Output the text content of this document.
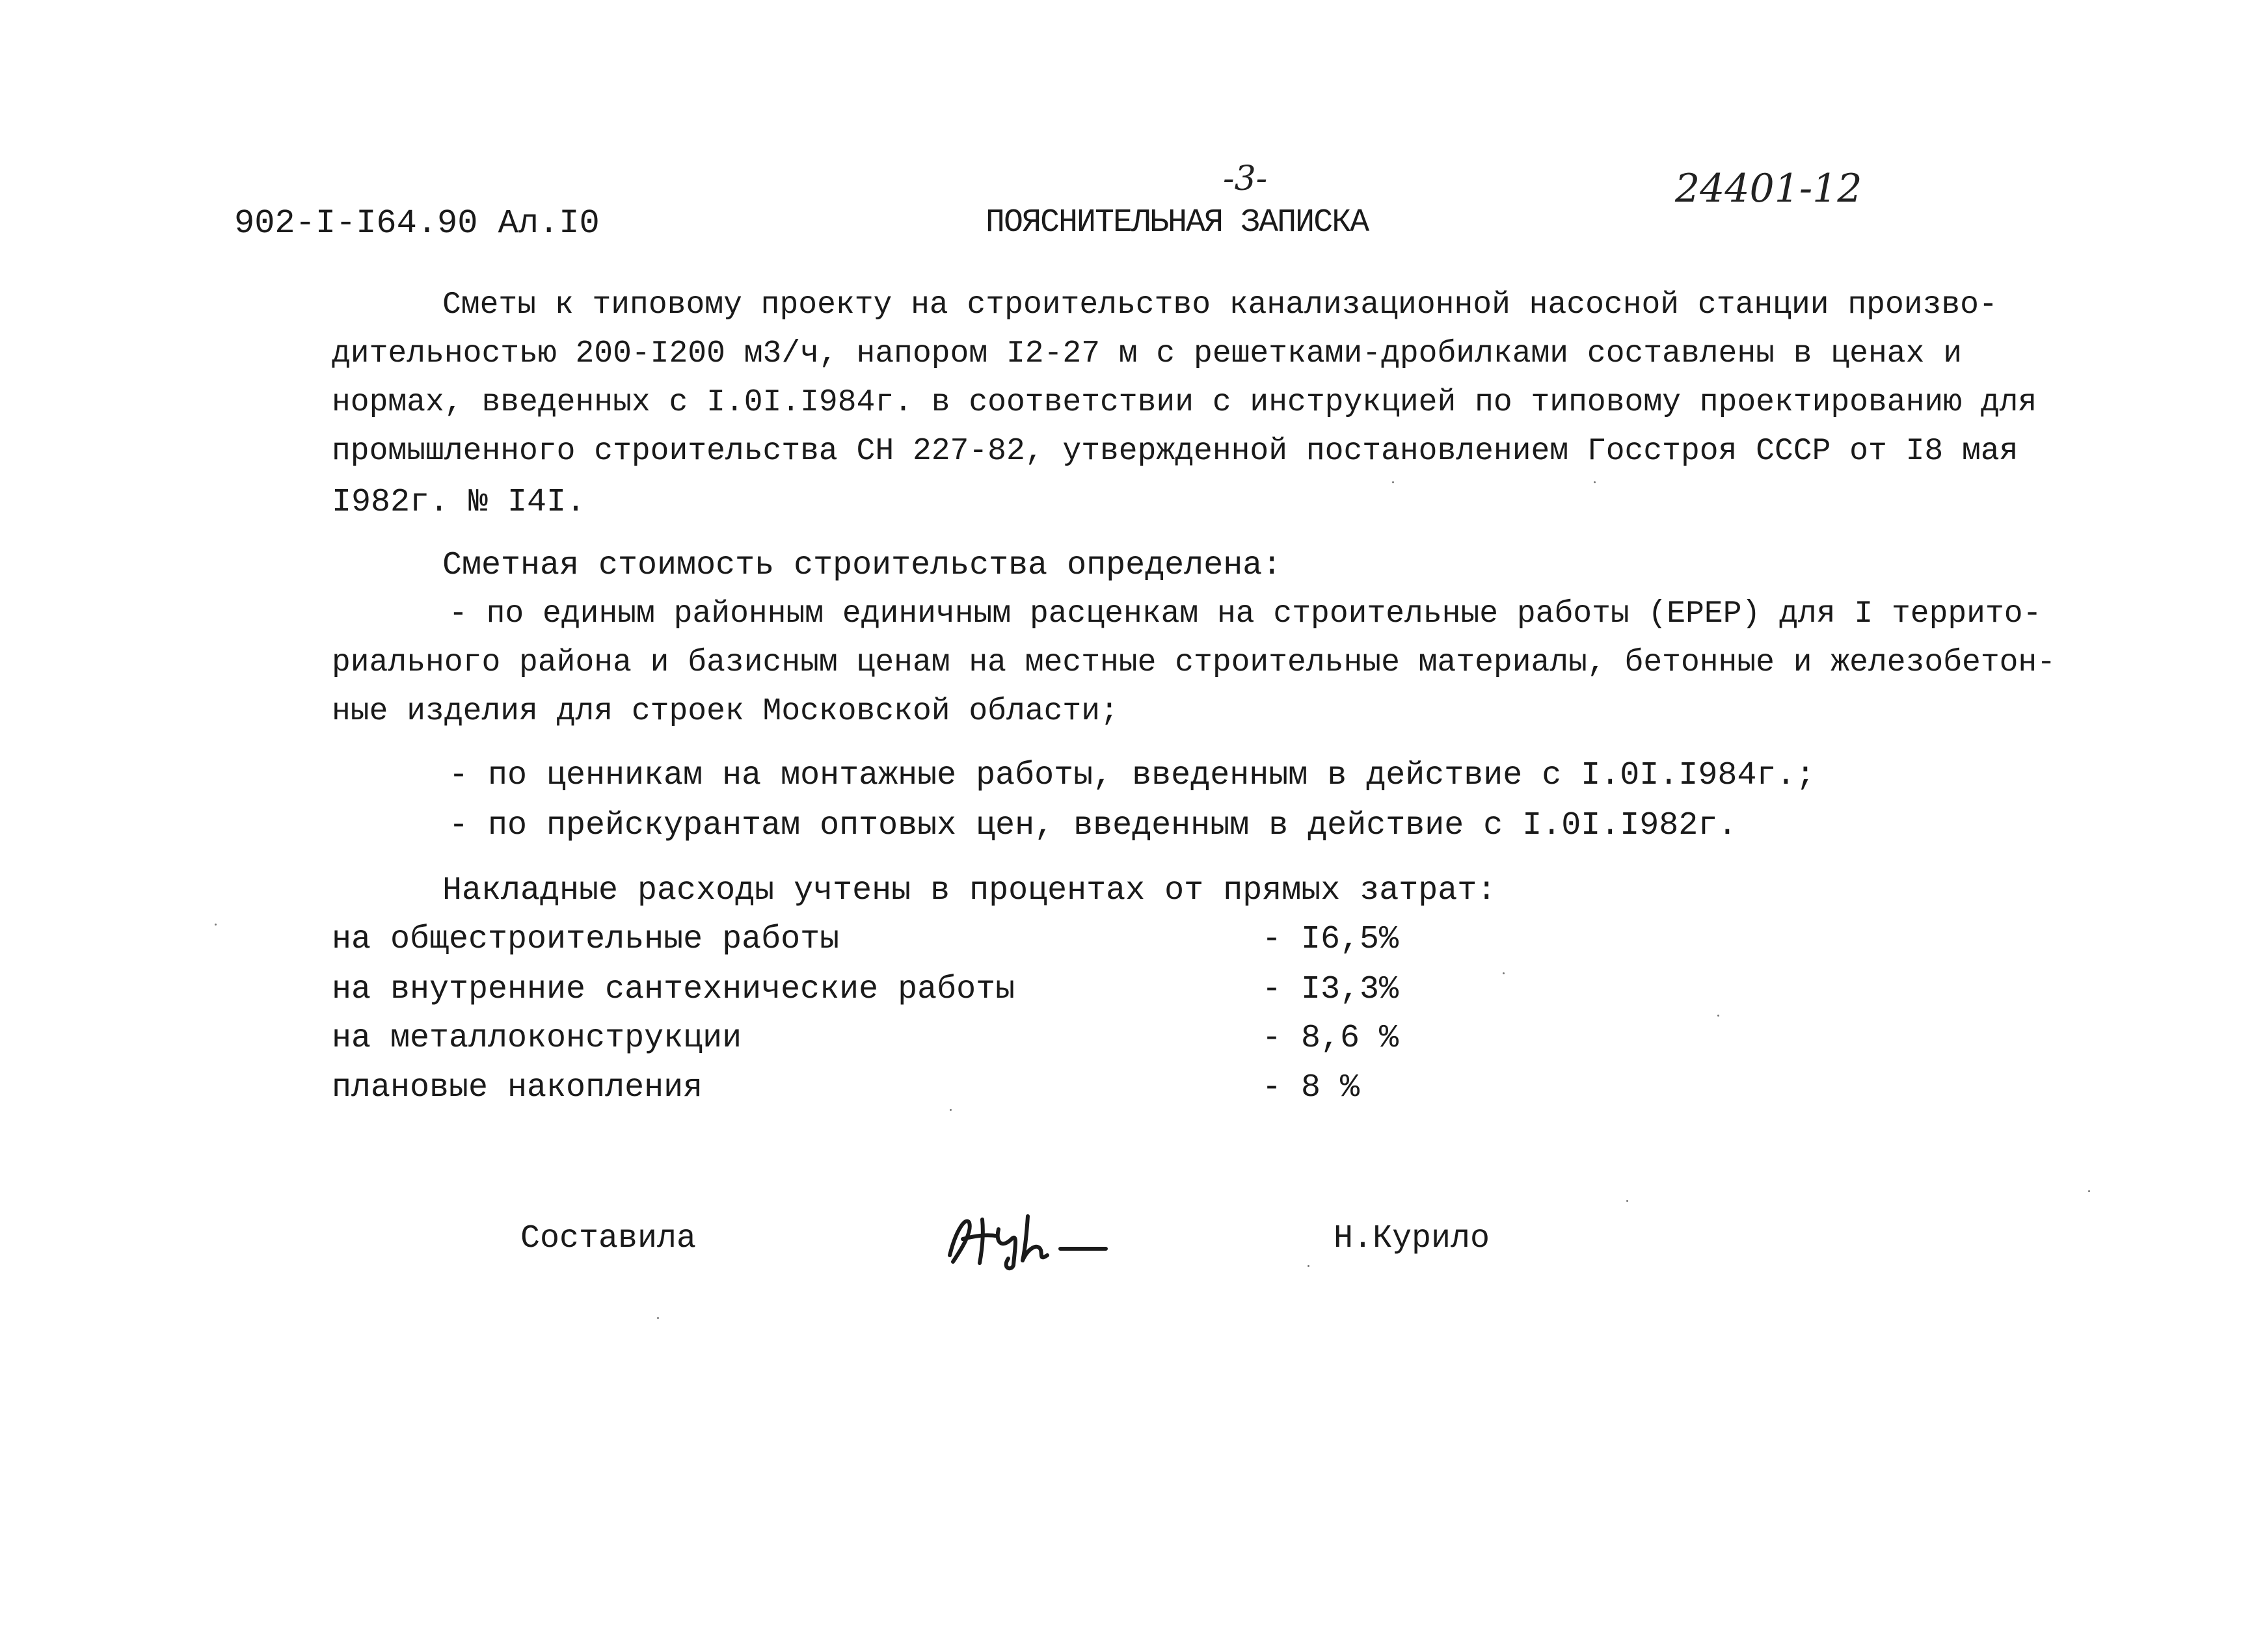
902-I-I64.90 Ал.I0
-3-
ПОЯСНИТЕЛЬНАЯ ЗАПИСКА
24401-12
Сметы к типовому проекту на строительство канализационной насосной станции произво-
дительностью 200-I200 м3/ч, напором I2-27 м с решетками-дробилками составлены в ценах и
нормах, введенных с I.0I.I984г. в соответствии с инструкцией по типовому проектированию для
промышленного строительства СН 227-82, утвержденной постановлением Госстроя СССР от I8 мая
I982г. № I4I.
Сметная стоимость строительства определена:
- по единым районным единичным расценкам на строительные работы (ЕРЕР) для I террито-
риального района и базисным ценам на местные строительные материалы, бетонные и железобетон-
ные изделия для строек Московской области;
- по ценникам на монтажные работы, введенным в действие с I.0I.I984г.;
- по прейскурантам оптовых цен, введенным в действие с I.0I.I982г.
Накладные расходы учтены в процентах от прямых затрат:
на общестроительные работы	- I6,5%
на внутренние сантехнические работы	- I3,3%
на металлоконструкции	- 8,6 %
плановые накопления	- 8 %
Составила	Н.Курило
